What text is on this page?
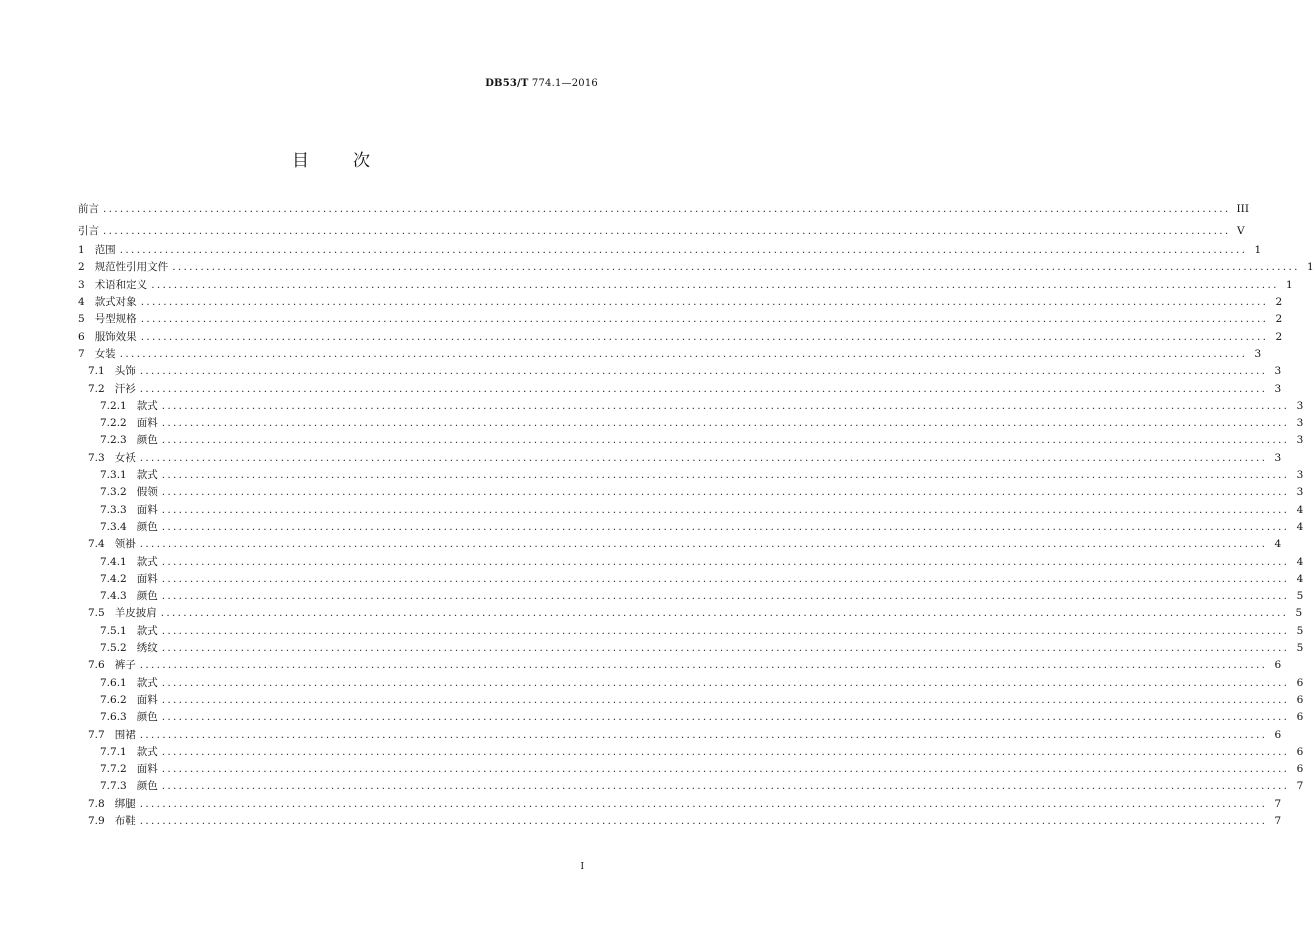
DB53/T 774.1—2016
目	次
前言 ........................................................................................................................................................................................................ III
引言 ........................................................................................................................................................................................................ V
1 范围 ........................................................................................................................................................................................................ 1
2 规范性引用文件 ........................................................................................................................................................................................................ 1
3 术语和定义 ........................................................................................................................................................................................................ 1
4 款式对象 ........................................................................................................................................................................................................ 2
5 号型规格 ........................................................................................................................................................................................................ 2
6 服饰效果 ........................................................................................................................................................................................................ 2
7 女装 ........................................................................................................................................................................................................ 3
7.1 头饰 ........................................................................................................................................................................................................ 3
7.2 汗衫 ........................................................................................................................................................................................................ 3
7.2.1 款式 ........................................................................................................................................................................................................ 3
7.2.2 面料 ........................................................................................................................................................................................................ 3
7.2.3 颜色 ........................................................................................................................................................................................................ 3
7.3 女袄 ........................................................................................................................................................................................................ 3
7.3.1 款式 ........................................................................................................................................................................................................ 3
7.3.2 假领 ........................................................................................................................................................................................................ 3
7.3.3 面料 ........................................................................................................................................................................................................ 4
7.3.4 颜色 ........................................................................................................................................................................................................ 4
7.4 领褂 ........................................................................................................................................................................................................ 4
7.4.1 款式 ........................................................................................................................................................................................................ 4
7.4.2 面料 ........................................................................................................................................................................................................ 4
7.4.3 颜色 ........................................................................................................................................................................................................ 5
7.5 羊皮披肩 ........................................................................................................................................................................................................ 5
7.5.1 款式 ........................................................................................................................................................................................................ 5
7.5.2 绣纹 ........................................................................................................................................................................................................ 5
7.6 裤子 ........................................................................................................................................................................................................ 6
7.6.1 款式 ........................................................................................................................................................................................................ 6
7.6.2 面料 ........................................................................................................................................................................................................ 6
7.6.3 颜色 ........................................................................................................................................................................................................ 6
7.7 围裙 ........................................................................................................................................................................................................ 6
7.7.1 款式 ........................................................................................................................................................................................................ 6
7.7.2 面料 ........................................................................................................................................................................................................ 6
7.7.3 颜色 ........................................................................................................................................................................................................ 7
7.8 绑腿 ........................................................................................................................................................................................................ 7
7.9 布鞋 ........................................................................................................................................................................................................ 7
I
